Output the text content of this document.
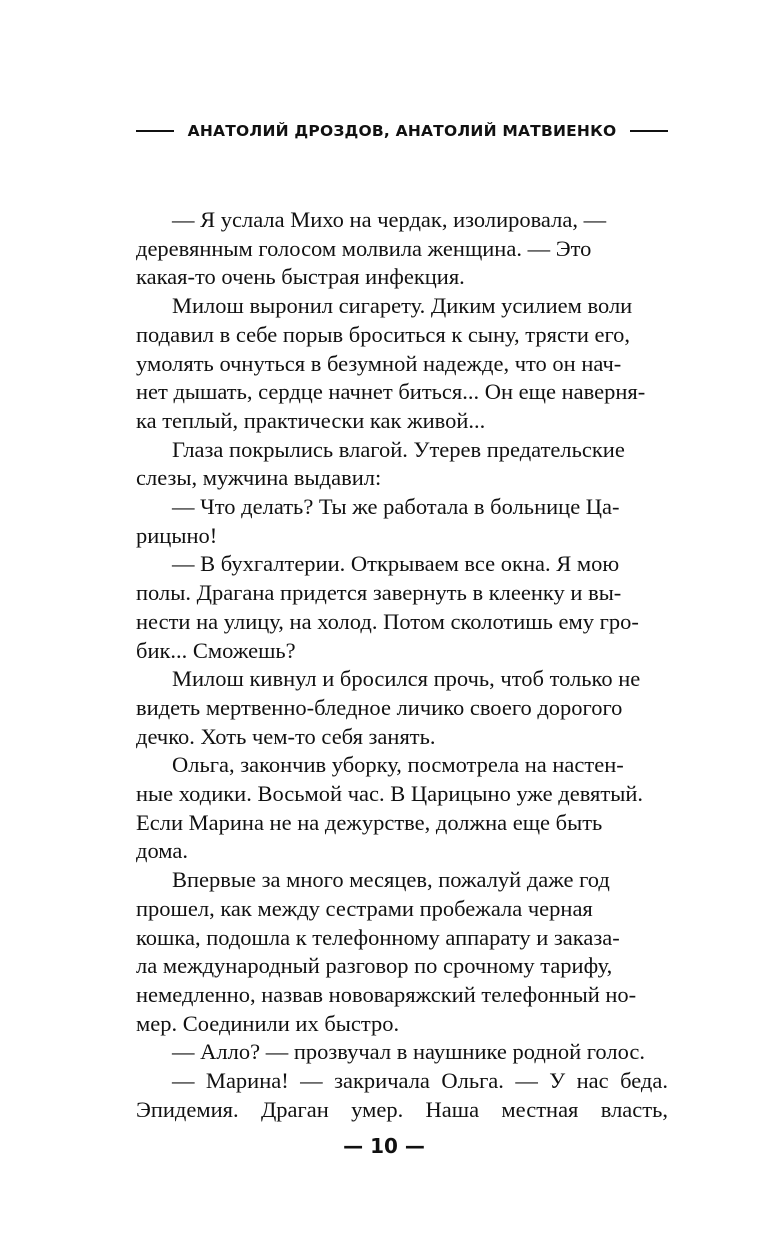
АНАТОЛИЙ ДРОЗДОВ, АНАТОЛИЙ МАТВИЕНКО

— Я услала Михо на чердак, изолировала, —
деревянным голосом молвила женщина. — Это
какая-то очень быстрая инфекция.

Милош выронил сигарету. Диким усилием воли
подавил в себе порыв броситься к сыну, трясти его,
умолять очнуться в безумной надежде, что он нач-
нет дышать, сердце начнет биться... Он еще наверня-
ка теплый, практически как живой...

Глаза покрылись влагой. Утерев предательские
слезы, мужчина выдавил:

— Что делать? Ты же работала в больнице Ца-
рицыно!

— В бухгалтерии. Открываем все окна. Я мою
полы. Драгана придется завернуть в клеенку и вы-
нести на улицу, на холод. Потом сколотишь ему гро-
бик... Сможешь?

Милош кивнул и бросился прочь, чтоб только не
видеть мертвенно-бледное личико своего дорогого
дечко. Хоть чем-то себя занять.

Ольга, закончив уборку, посмотрела на настен-
ные ходики. Восьмой час. В Царицыно уже девятый.
Если Марина не на дежурстве, должна еще быть
дома.

Впервые за много месяцев, пожалуй даже год
прошел, как между сестрами пробежала черная
кошка, подошла к телефонному аппарату и заказа-
ла международный разговор по срочному тарифу,
немедленно, назвав нововаряжский телефонный но-
мер. Соединили их быстро.

— Алло? — прозвучал в наушнике родной голос.

— Марина! — закричала Ольга. — У нас беда.
Эпидемия. Драган умер. Наша местная власть,

— 10 —
